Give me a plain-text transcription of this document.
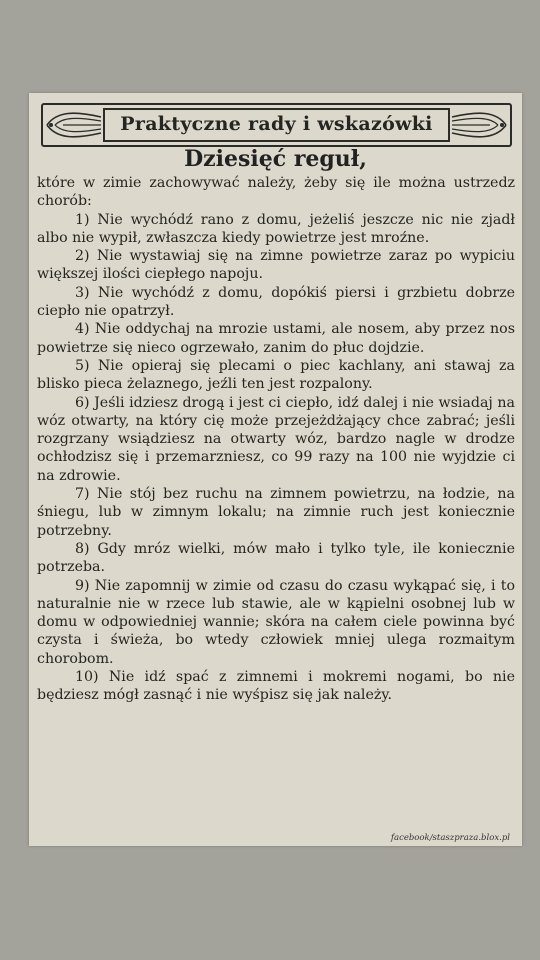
Praktyczne rady i wskazówki
Dziesięć reguł,

które w zimie zachowywać należy, żeby się ile można ustrzedz chorób:

1) Nie wychódź rano z domu, jeżeliś jeszcze nic nie zjadł albo nie wypił, zwłaszcza kiedy powietrze jest mroźne.

2) Nie wystawiaj się na zimne powietrze zaraz po wypiciu większej ilości ciepłego napoju.

3) Nie wychódź z domu, dopókiś piersi i grzbietu dobrze ciepło nie opatrzył.

4) Nie oddychaj na mrozie ustami, ale nosem, aby przez nos powietrze się nieco ogrzewało, zanim do płuc dojdzie.

5) Nie opieraj się plecami o piec kachlany, ani stawaj za blisko pieca żelaznego, jeźli ten jest rozpalony.

6) Jeśli idziesz drogą i jest ci ciepło, idź dalej i nie wsiadaj na wóz otwarty, na który cię może przejeżdżający chce zabrać; jeśli rozgrzany wsiądziesz na otwarty wóz, bardzo nagle w drodze ochłodzisz się i przemarzniesz, co 99 razy na 100 nie wyjdzie ci na zdrowie.

7) Nie stój bez ruchu na zimnem powietrzu, na łodzie, na śniegu, lub w zimnym lokalu; na zimnie ruch jest koniecznie potrzebny.

8) Gdy mróz wielki, mów mało i tylko tyle, ile koniecznie potrzeba.

9) Nie zapomnij w zimie od czasu do czasu wykąpać się, i to naturalnie nie w rzece lub stawie, ale w kąpielni osobnej lub w domu w odpowiedniej wannie; skóra na całem ciele powinna być czysta i świeża, bo wtedy człowiek mniej ulega rozmaitym chorobom.

10) Nie idź spać z zimnemi i mokremi nogami, bo nie będziesz mógł zasnąć i nie wyśpisz się jak należy.

facebook/staszpraza.blox.pl
